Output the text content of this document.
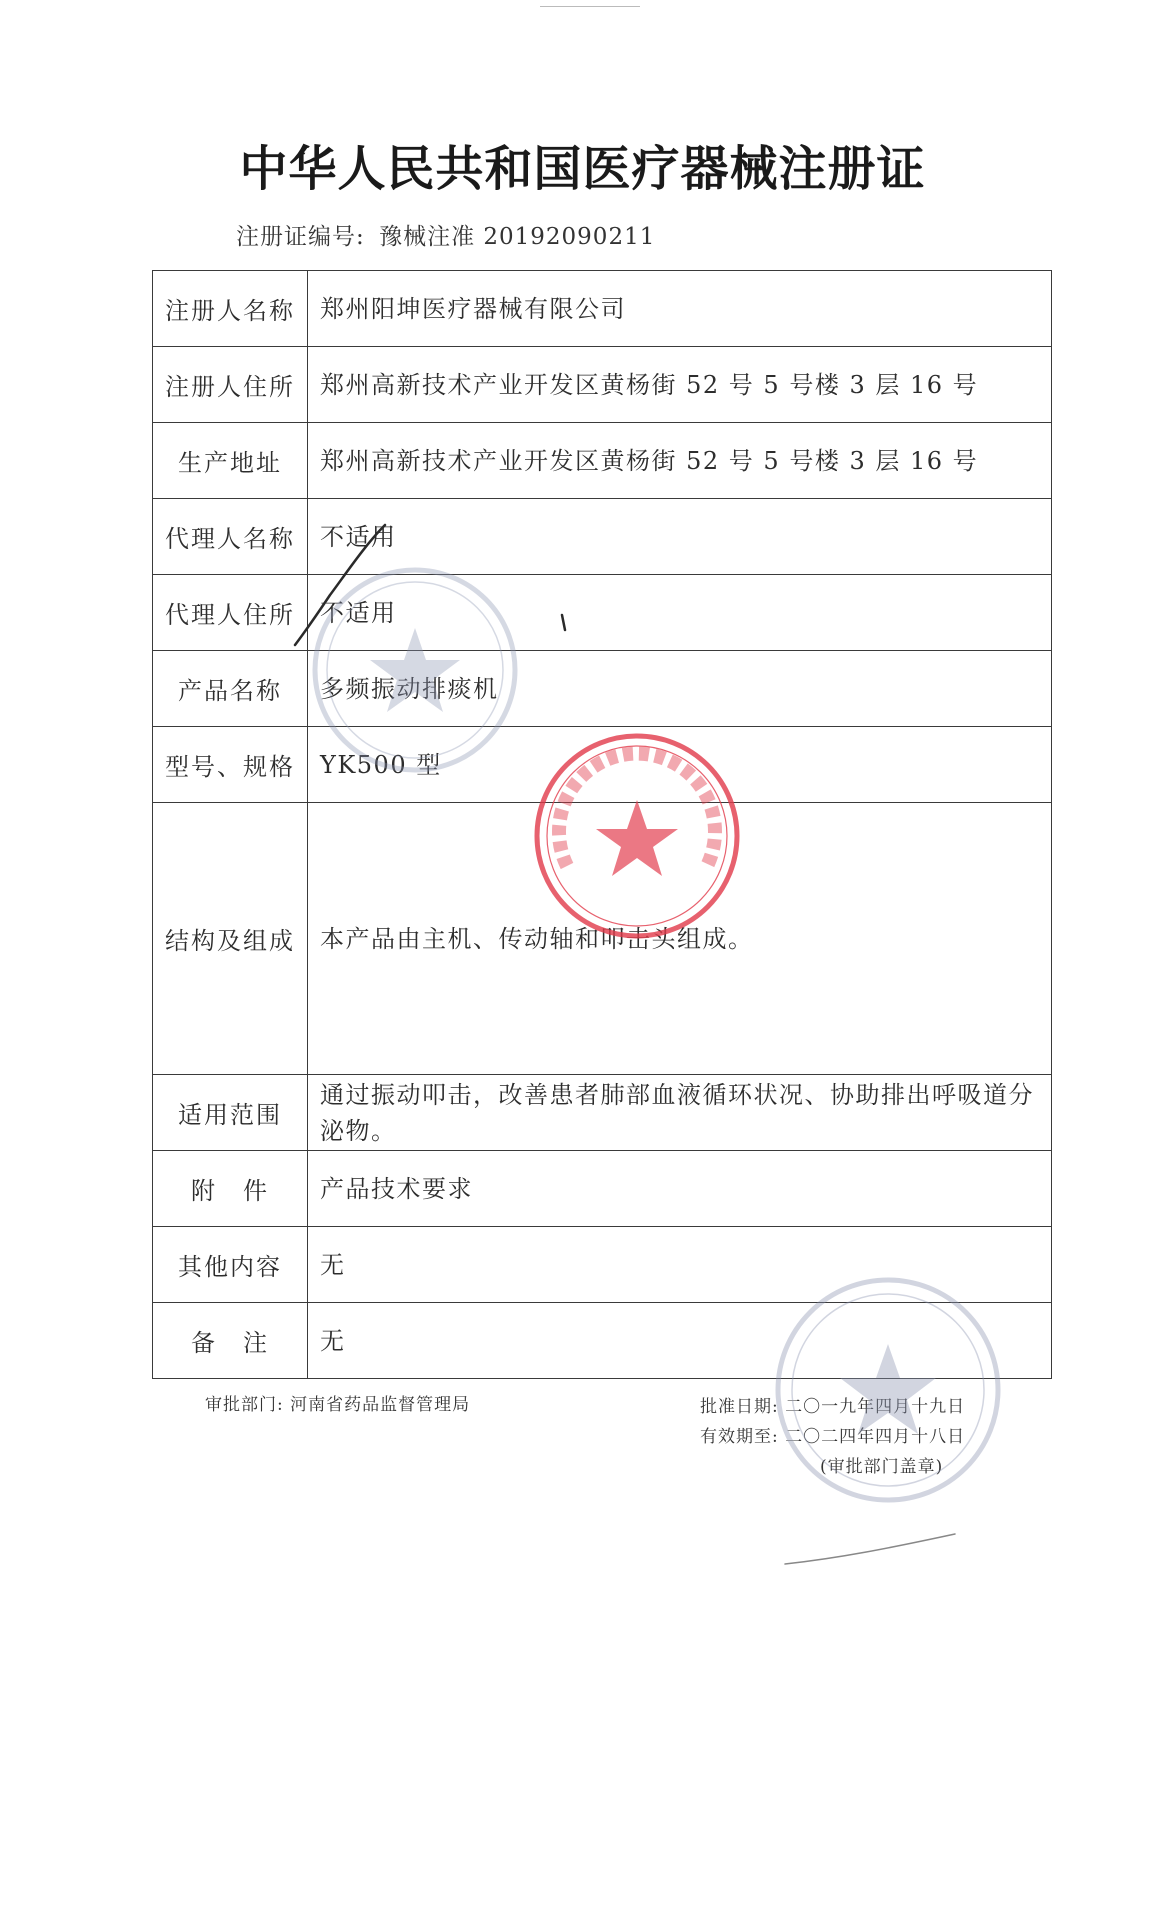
中华人民共和国医疗器械注册证
注册证编号: 豫械注准 20192090211
注册人名称	郑州阳坤医疗器械有限公司
注册人住所	郑州高新技术产业开发区黄杨街 52 号 5 号楼 3 层 16 号
生产地址	郑州高新技术产业开发区黄杨街 52 号 5 号楼 3 层 16 号
代理人名称	不适用
代理人住所	不适用
产品名称	多频振动排痰机
型号、规格	YK500 型
结构及组成	本产品由主机、传动轴和叩击头组成。
适用范围	通过振动叩击，改善患者肺部血液循环状况、协助排出呼吸道分泌物。
附　件	产品技术要求
其他内容	无
备　注	无
审批部门: 河南省药品监督管理局	批准日期: 二〇一九年四月十九日
有效期至: 二〇二四年四月十八日
(审批部门盖章)
